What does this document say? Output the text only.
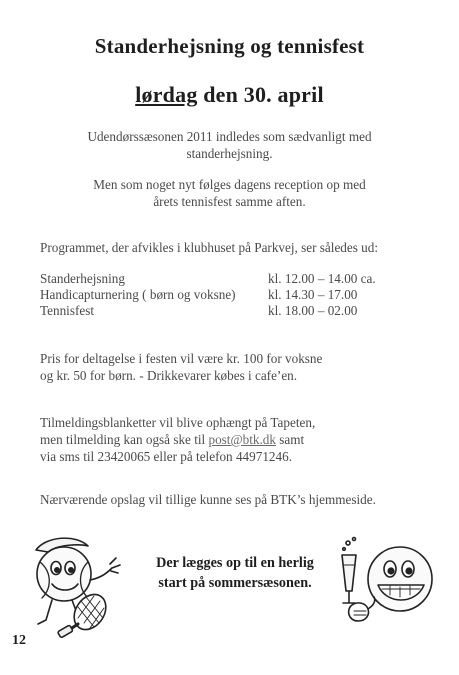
Standerhejsning og tennisfest
lørdag den 30. april
Udendørssæsonen 2011 indledes som sædvanligt med
standerhejsning.
Men som noget nyt følges dagens reception op med
årets tennisfest samme aften.
Programmet, der afvikles i klubhuset på Parkvej, ser således ud:
Standerhejsning	kl. 12.00 – 14.00 ca.
Handicapturnering ( børn og voksne) kl. 14.30 – 17.00
Tennisfest	kl. 18.00 – 02.00
Pris for deltagelse i festen vil være kr. 100 for voksne
og kr. 50 for børn. - Drikkevarer købes i cafe’en.
Tilmeldingsblanketter vil blive ophængt på Tapeten,
men tilmelding kan også ske til post@btk.dk samt
via sms til 23420065 eller på telefon 44971246.
Nærværende opslag vil tillige kunne ses på BTK’s hjemmeside.
Der lægges op til en herlig
start på sommersæsonen.
12
